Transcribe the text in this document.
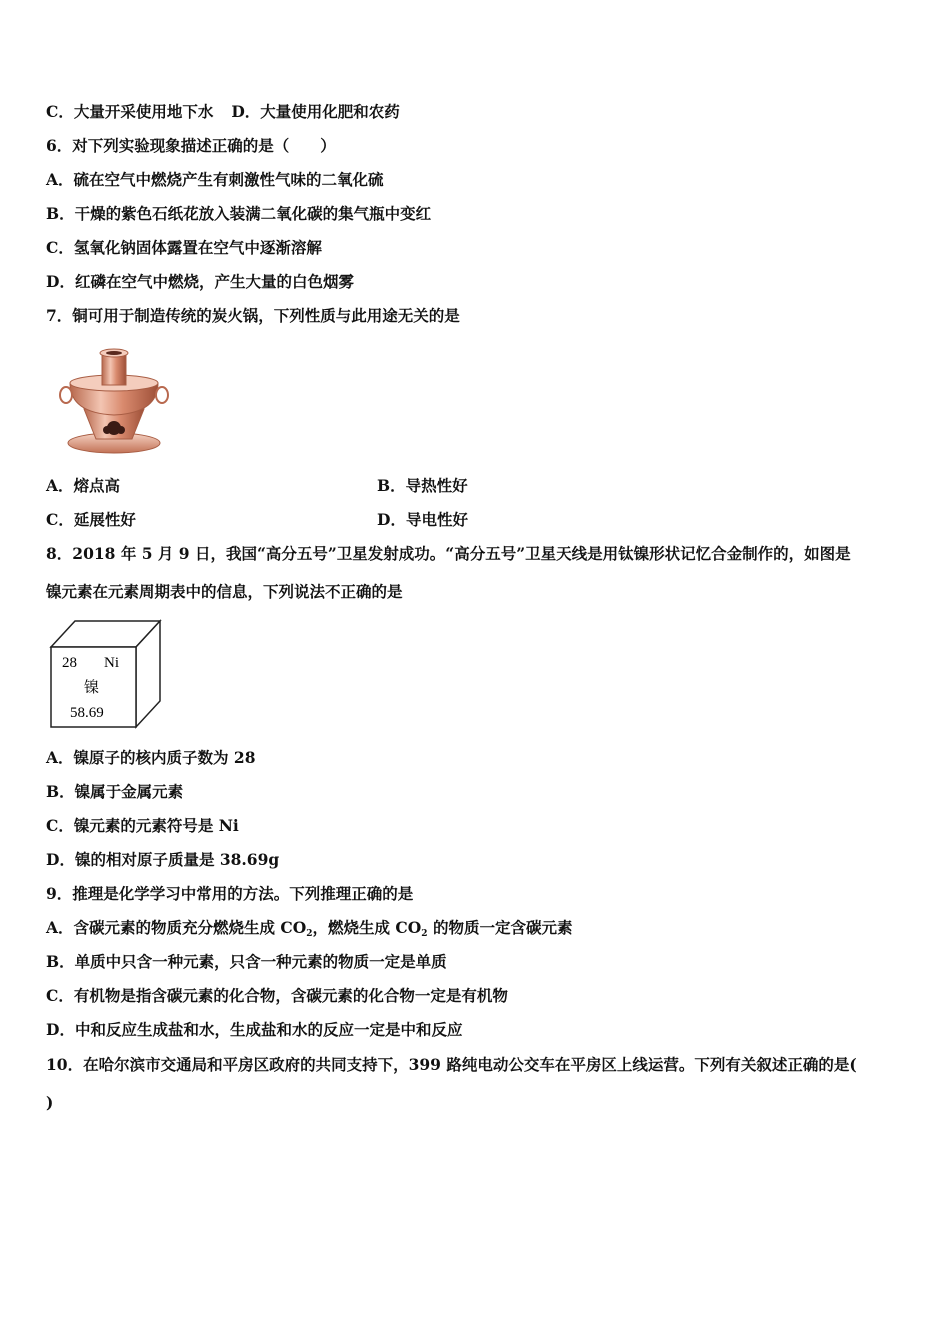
C．大量开采使用地下水 D．大量使用化肥和农药
6．对下列实验现象描述正确的是（　　）
A．硫在空气中燃烧产生有刺激性气味的二氧化硫
B．干燥的紫色石纸花放入装满二氧化碳的集气瓶中变红
C．氢氧化钠固体露置在空气中逐渐溶解
D．红磷在空气中燃烧，产生大量的白色烟雾
7．铜可用于制造传统的炭火锅，下列性质与此用途无关的是
A．熔点高	B．导热性好
C．延展性好	D．导电性好
8．2018 年 5 月 9 日，我国“高分五号”卫星发射成功。“高分五号”卫星天线是用钛镍形状记忆合金制作的，如图是
镍元素在元素周期表中的信息，下列说法不正确的是
28 Ni
镍
58.69
A．镍原子的核内质子数为 28
B．镍属于金属元素
C．镍元素的元素符号是 Ni
D．镍的相对原子质量是 38.69g
9．推理是化学学习中常用的方法。下列推理正确的是
A．含碳元素的物质充分燃烧生成 $CO_2$，燃烧生成 $CO_2$ 的物质一定含碳元素
B．单质中只含一种元素，只含一种元素的物质一定是单质
C．有机物是指含碳元素的化合物，含碳元素的化合物一定是有机物
D．中和反应生成盐和水，生成盐和水的反应一定是中和反应
10．在哈尔滨市交通局和平房区政府的共同支持下，399 路纯电动公交车在平房区上线运营。下列有关叙述正确的是(
)
